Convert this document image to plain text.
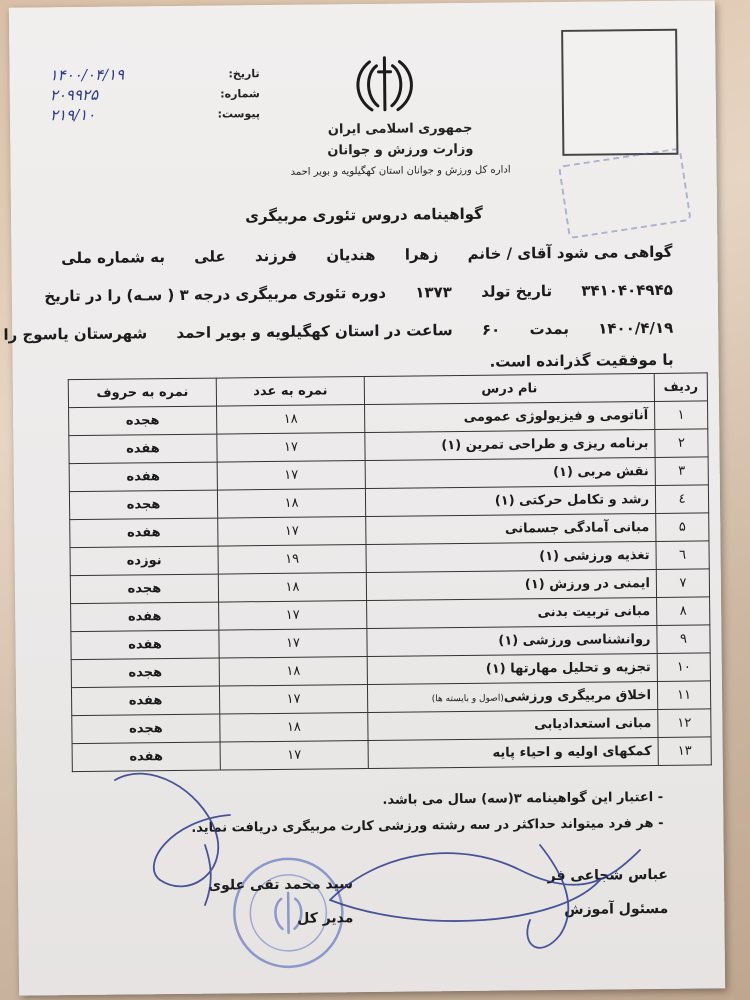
تاریخ:
۱۴۰۰/۰۴/۱۹
شماره:
۲۰۹۹۲۵
پیوست:
۲۱۹/۱۰
جمهوری اسلامی ایران
وزارت ورزش و جوانان
اداره کل ورزش و جوانان استان کهگیلویه و بویر احمد
گواهینامه دروس تئوری مربیگری
گواهی می شود آقای / خانم زهرا هندیان فرزند علی به شماره ملی
۳۴۱۰۴۰۴۹۴۵ تاریخ تولد ۱۳۷۳ دوره تئوری مربیگری درجه ۳ ( سـه) را در تاریخ
۱۴۰۰/۴/۱۹ بمدت ۶۰ ساعت در استان کهگیلویه و بویر احمد شهرستان یاسوج را
با موفقیت گذرانده است.
ردیف	نام درس	نمره به عدد	نمره به حروف
۱	آناتومی و فیزیولوژی عمومی	۱۸	هجده
۲	برنامه ریزی و طراحی تمرین (۱)	۱۷	هفده
۳	نقش مربی (۱)	۱۷	هفده
٤	رشد و تکامل حرکتی (۱)	۱۸	هجده
۵	مبانی آمادگی جسمانی	۱۷	هفده
٦	تغذیه ورزشی (۱)	۱۹	نوزده
۷	ایمنی در ورزش (۱)	۱۸	هجده
۸	مبانی تربیت بدنی	۱۷	هفده
۹	روانشناسی ورزشی (۱)	۱۷	هفده
۱۰	تجزیه و تحلیل مهارتها (۱)	۱۸	هجده
۱۱	اخلاق مربیگری ورزشی(اصول و بایسته ها)	۱۷	هفده
۱۲	مبانی استعدادیابی	۱۸	هجده
۱۳	کمکهای اولیه و احیاء پایه	۱۷	هفده
- اعتبار این گواهینامه ۳(سه) سال می باشد.
- هر فرد میتواند حداکثر در سه رشته ورزشی کارت مربیگری دریافت نماید.
سید محمد تقی علوی
مدیر کل
عباس شجاعی فر
مسئول آموزش
